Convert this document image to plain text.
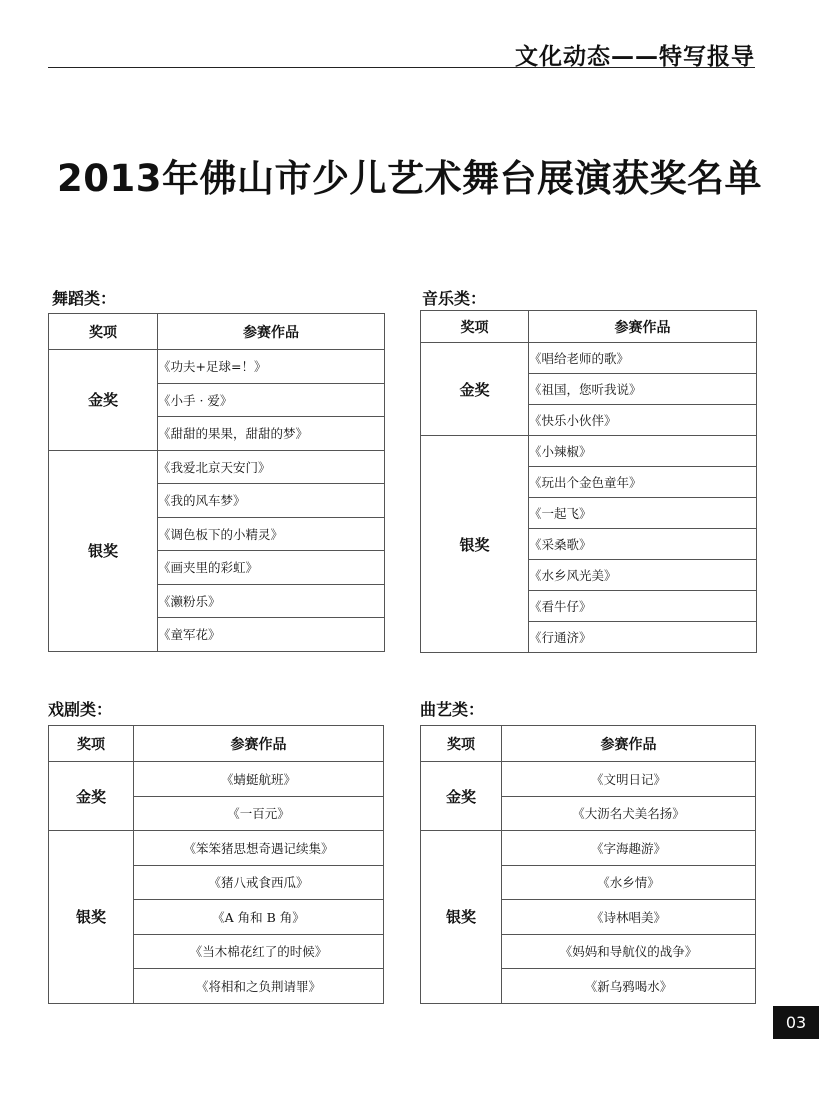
文化动态——特写报导
2013年佛山市少儿艺术舞台展演获奖名单
舞蹈类：
奖项	参赛作品
金奖	《功夫+足球=！》
	《小手 · 爱》
	《甜甜的果果，甜甜的梦》
银奖	《我爱北京天安门》
	《我的风车梦》
	《调色板下的小精灵》
	《画夹里的彩虹》
	《濑粉乐》
	《童军花》
音乐类：
奖项	参赛作品
金奖	《唱给老师的歌》
	《祖国，您听我说》
	《快乐小伙伴》
银奖	《小辣椒》
	《玩出个金色童年》
	《一起飞》
	《采桑歌》
	《水乡风光美》
	《看牛仔》
	《行通济》
戏剧类：
奖项	参赛作品
金奖	《蜻蜓航班》
	《一百元》
银奖	《笨笨猪思想奇遇记续集》
	《猪八戒食西瓜》
	《A 角和 B 角》
	《当木棉花红了的时候》
	《将相和之负荆请罪》
曲艺类：
奖项	参赛作品
金奖	《文明日记》
	《大沥名犬美名扬》
银奖	《字海趣游》
	《水乡情》
	《诗林唱美》
	《妈妈和导航仪的战争》
	《新乌鸦喝水》
03
